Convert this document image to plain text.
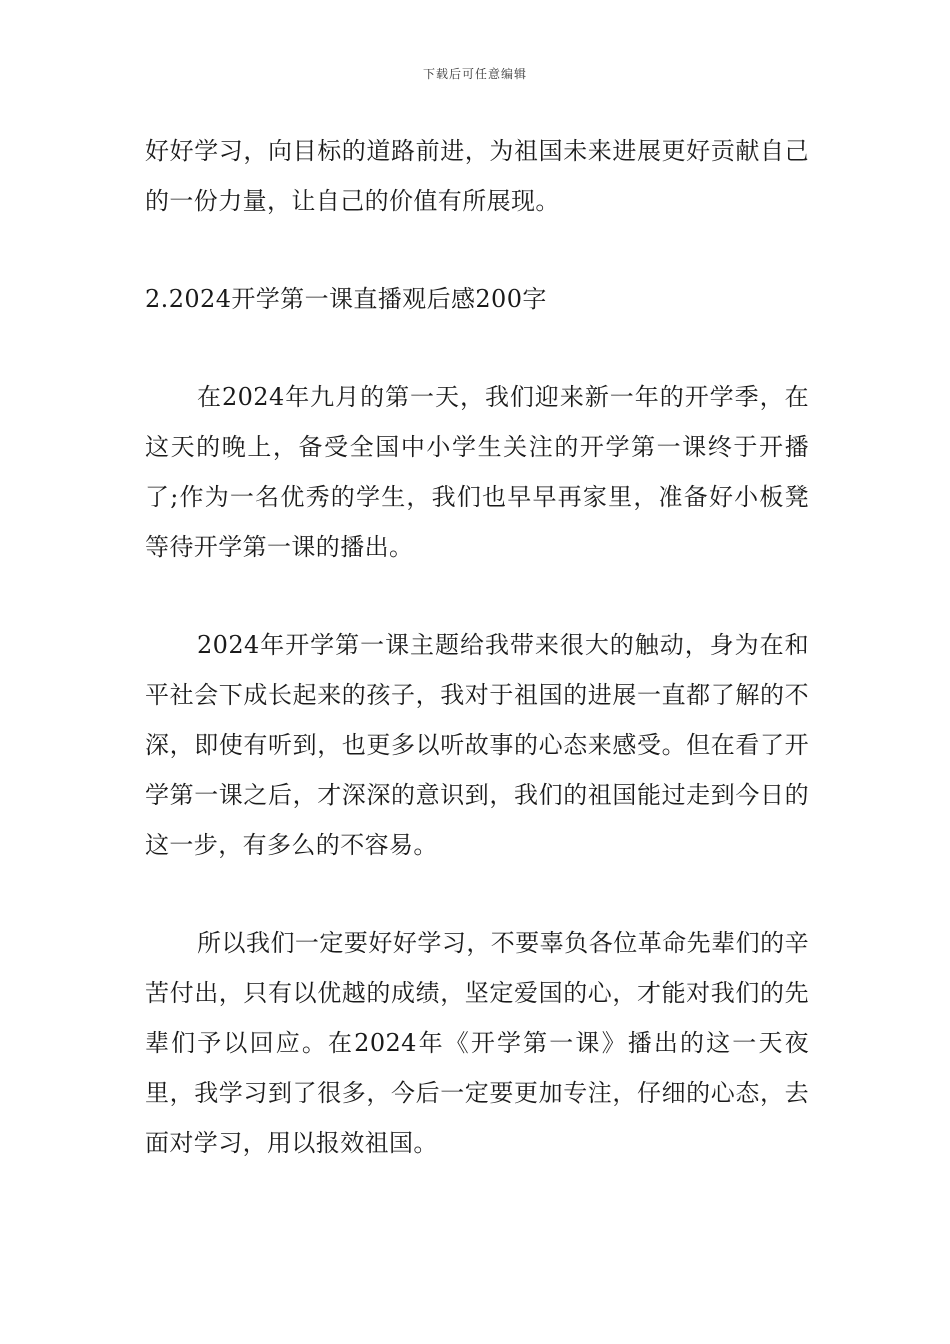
下载后可任意编辑

好好学习，向目标的道路前进，为祖国未来进展更好贡献自己的一份力量，让自己的价值有所展现。

2.2024开学第一课直播观后感200字

在2024年九月的第一天，我们迎来新一年的开学季，在这天的晚上，备受全国中小学生关注的开学第一课终于开播了;作为一名优秀的学生，我们也早早再家里，准备好小板凳等待开学第一课的播出。

2024年开学第一课主题给我带来很大的触动，身为在和平社会下成长起来的孩子，我对于祖国的进展一直都了解的不深，即使有听到，也更多以听故事的心态来感受。但在看了开学第一课之后，才深深的意识到，我们的祖国能过走到今日的这一步，有多么的不容易。

所以我们一定要好好学习，不要辜负各位革命先辈们的辛苦付出，只有以优越的成绩，坚定爱国的心，才能对我们的先辈们予以回应。在2024年《开学第一课》播出的这一天夜里，我学习到了很多，今后一定要更加专注，仔细的心态，去面对学习，用以报效祖国。
